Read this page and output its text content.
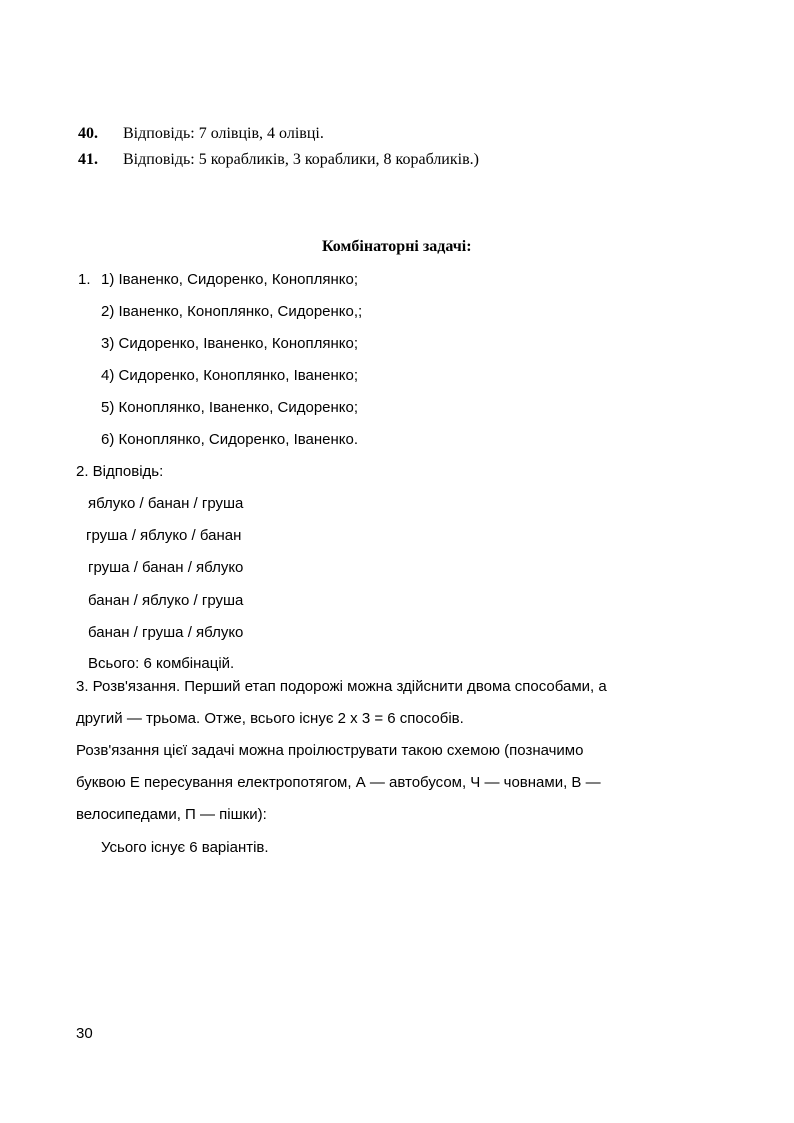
40. Відповідь: 7 олівців, 4 олівці.
41. Відповідь: 5 корабликів, 3 кораблики, 8 корабликів.)
Комбінаторні задачі:
1. 1) Іваненко, Сидоренко, Коноплянко;
2) Іваненко, Коноплянко, Сидоренко,;
3) Сидоренко, Іваненко, Коноплянко;
4) Сидоренко, Коноплянко, Іваненко;
5) Коноплянко, Іваненко, Сидоренко;
6) Коноплянко, Сидоренко, Іваненко.
2. Відповідь:
яблуко / банан / груша
груша / яблуко / банан
груша / банан / яблуко
банан / яблуко / груша
банан / груша / яблуко
Всього: 6 комбінацій.
3. Розв'язання. Перший етап подорожі можна здійснити двома способами, а
другий — трьома. Отже, всього існує 2 х 3 = 6 способів.
Розв'язання цієї задачі можна проілюструвати такою схемою (позначимо
буквою Е пересування електропотягом, А — автобусом, Ч — човнами, В —
велосипедами, П — пішки):
Усього існує 6 варіантів.
30
